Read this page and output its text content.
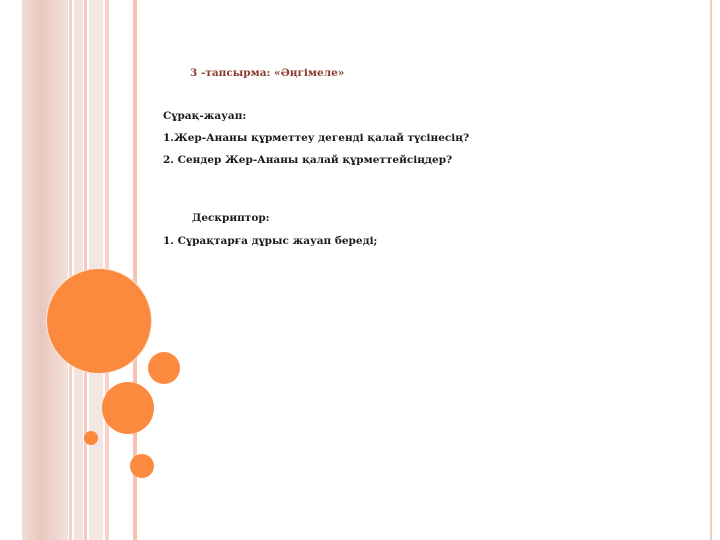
3 -тапсырма: «Әңгімеле»
Сұрақ-жауап:
1.Жер-Ананы құрметтеу дегенді қалай түсінесің?
2. Сендер Жер-Ананы қалай құрметтейсіңдер?
Дескриптор:
1. Сұрақтарға дұрыс жауап береді;
